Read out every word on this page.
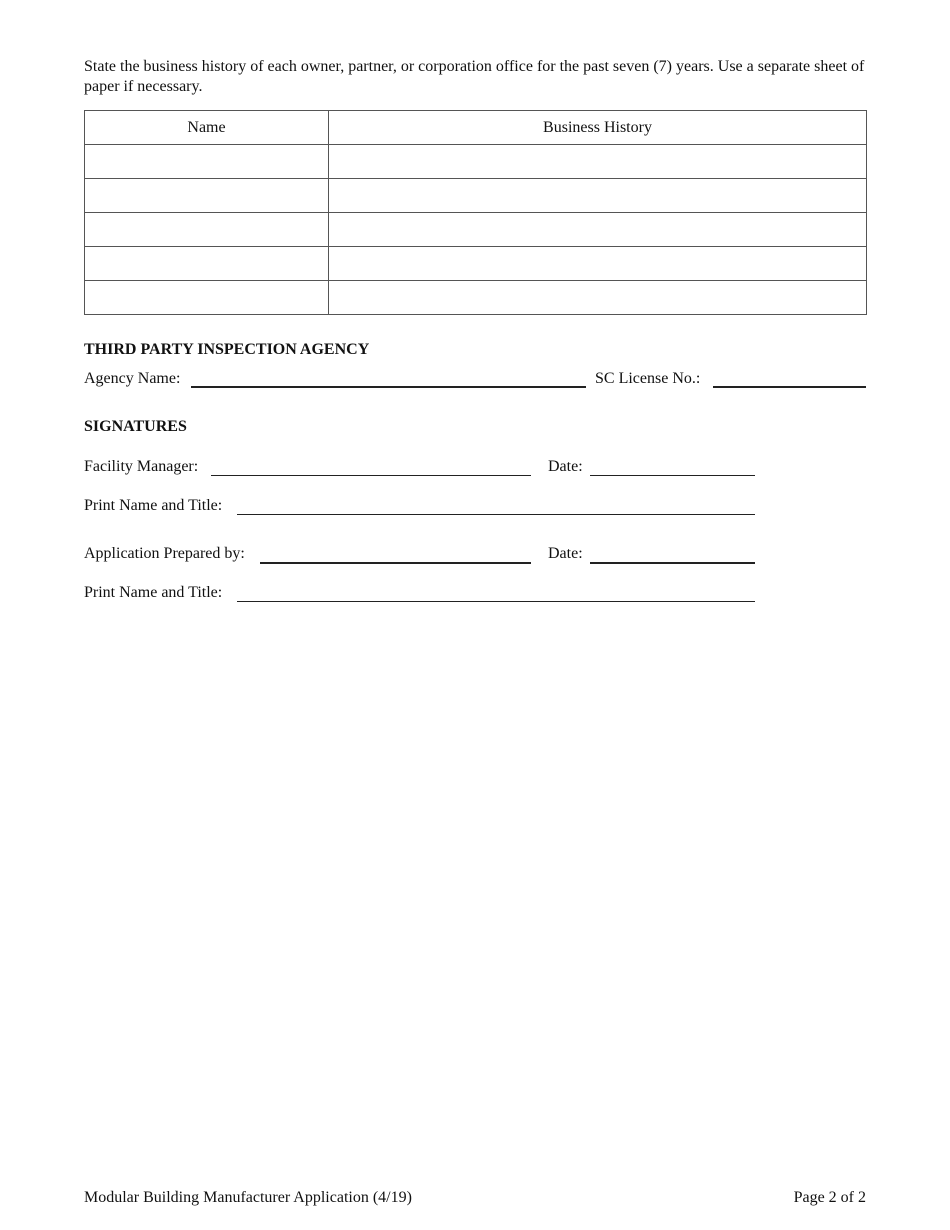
State the business history of each owner, partner, or corporation office for the past seven (7) years. Use a separate sheet of paper if necessary.
Name	Business History

THIRD PARTY INSPECTION AGENCY
Agency Name:	SC License No.:
SIGNATURES
Facility Manager:	Date:
Print Name and Title:
Application Prepared by:	Date:
Print Name and Title:
Modular Building Manufacturer Application (4/19)	Page 2 of 2
